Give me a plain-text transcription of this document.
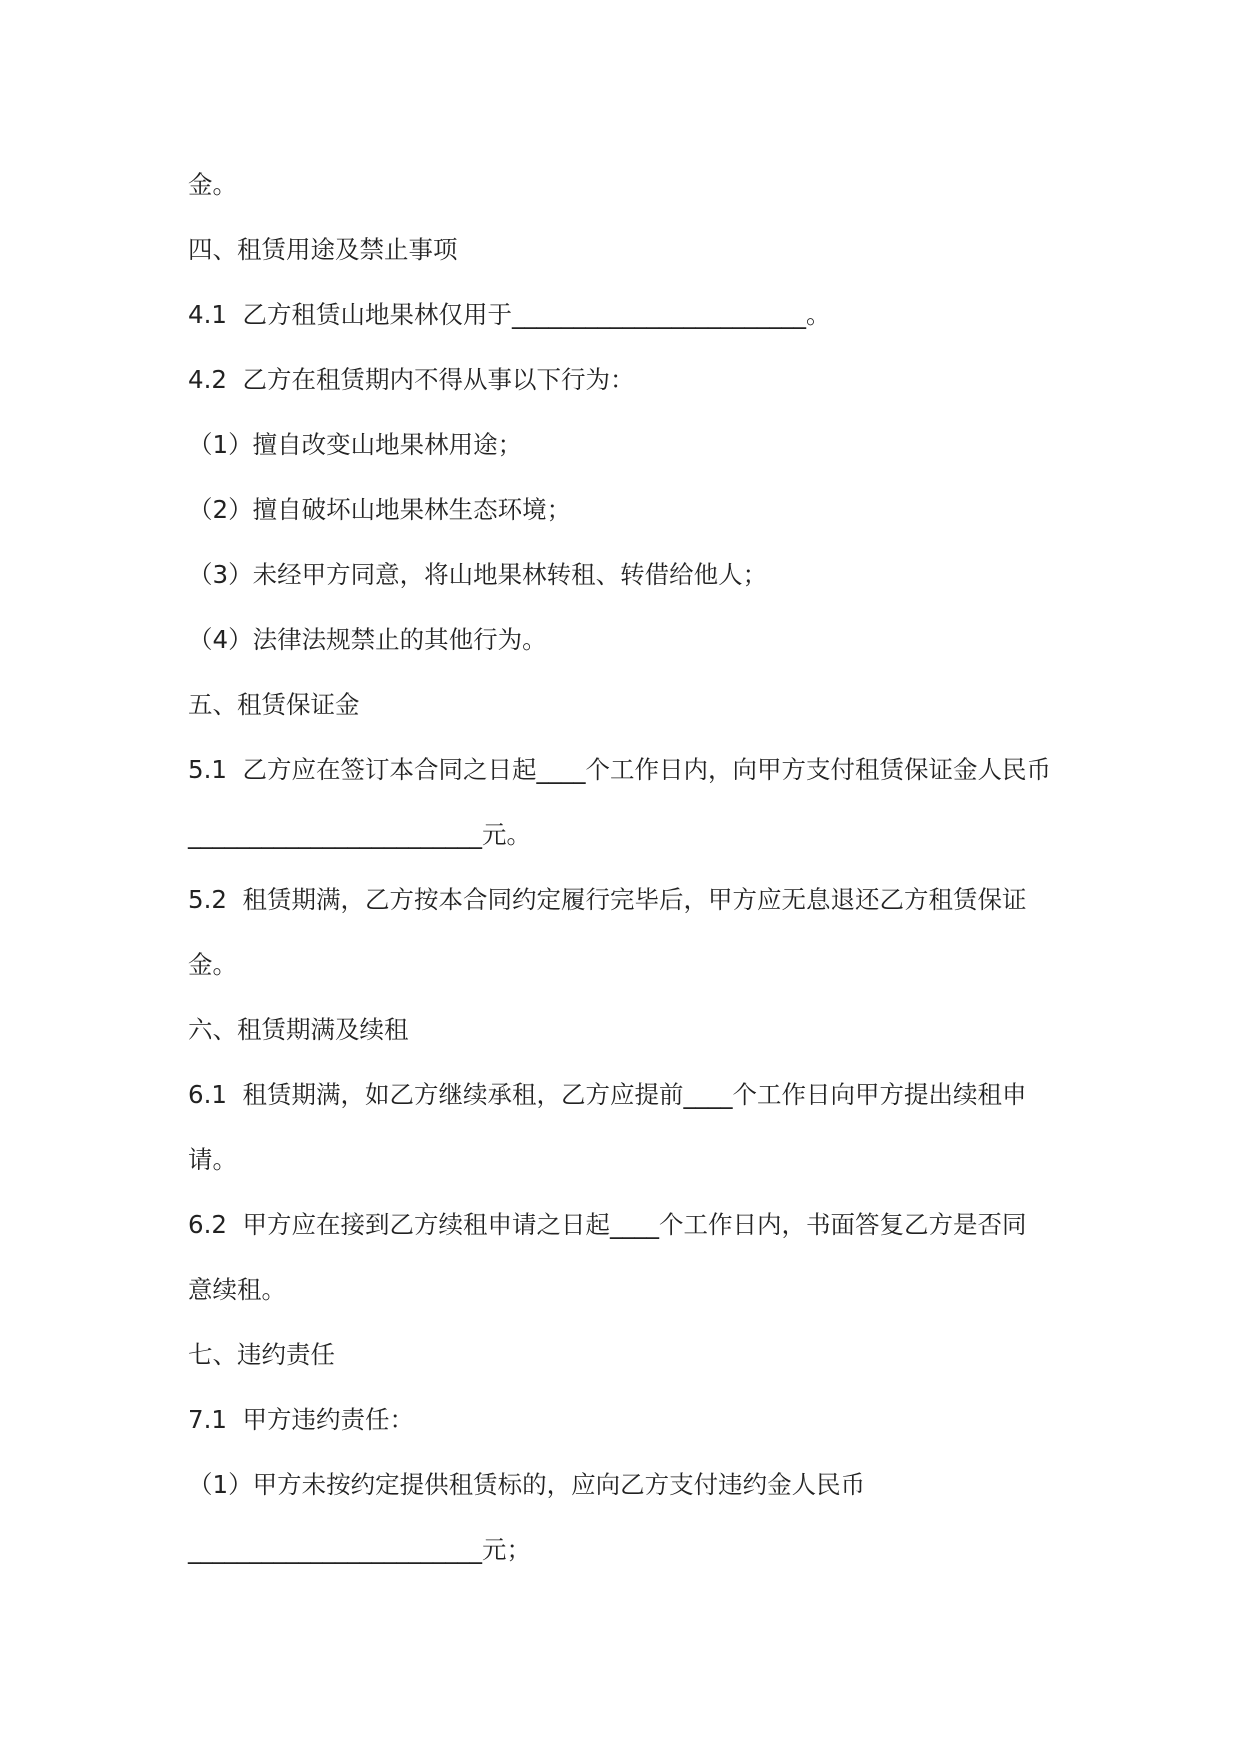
金。
四、租赁用途及禁止事项
4.1  乙方租赁山地果林仅用于________________________。
4.2  乙方在租赁期内不得从事以下行为：
（1）擅自改变山地果林用途；
（2）擅自破坏山地果林生态环境；
（3）未经甲方同意，将山地果林转租、转借给他人；
（4）法律法规禁止的其他行为。
五、租赁保证金
5.1  乙方应在签订本合同之日起____个工作日内，向甲方支付租赁保证金人民币
________________________元。
5.2  租赁期满，乙方按本合同约定履行完毕后，甲方应无息退还乙方租赁保证
金。
六、租赁期满及续租
6.1  租赁期满，如乙方继续承租，乙方应提前____个工作日向甲方提出续租申
请。
6.2  甲方应在接到乙方续租申请之日起____个工作日内，书面答复乙方是否同
意续租。
七、违约责任
7.1  甲方违约责任：
（1）甲方未按约定提供租赁标的，应向乙方支付违约金人民币
________________________元；
